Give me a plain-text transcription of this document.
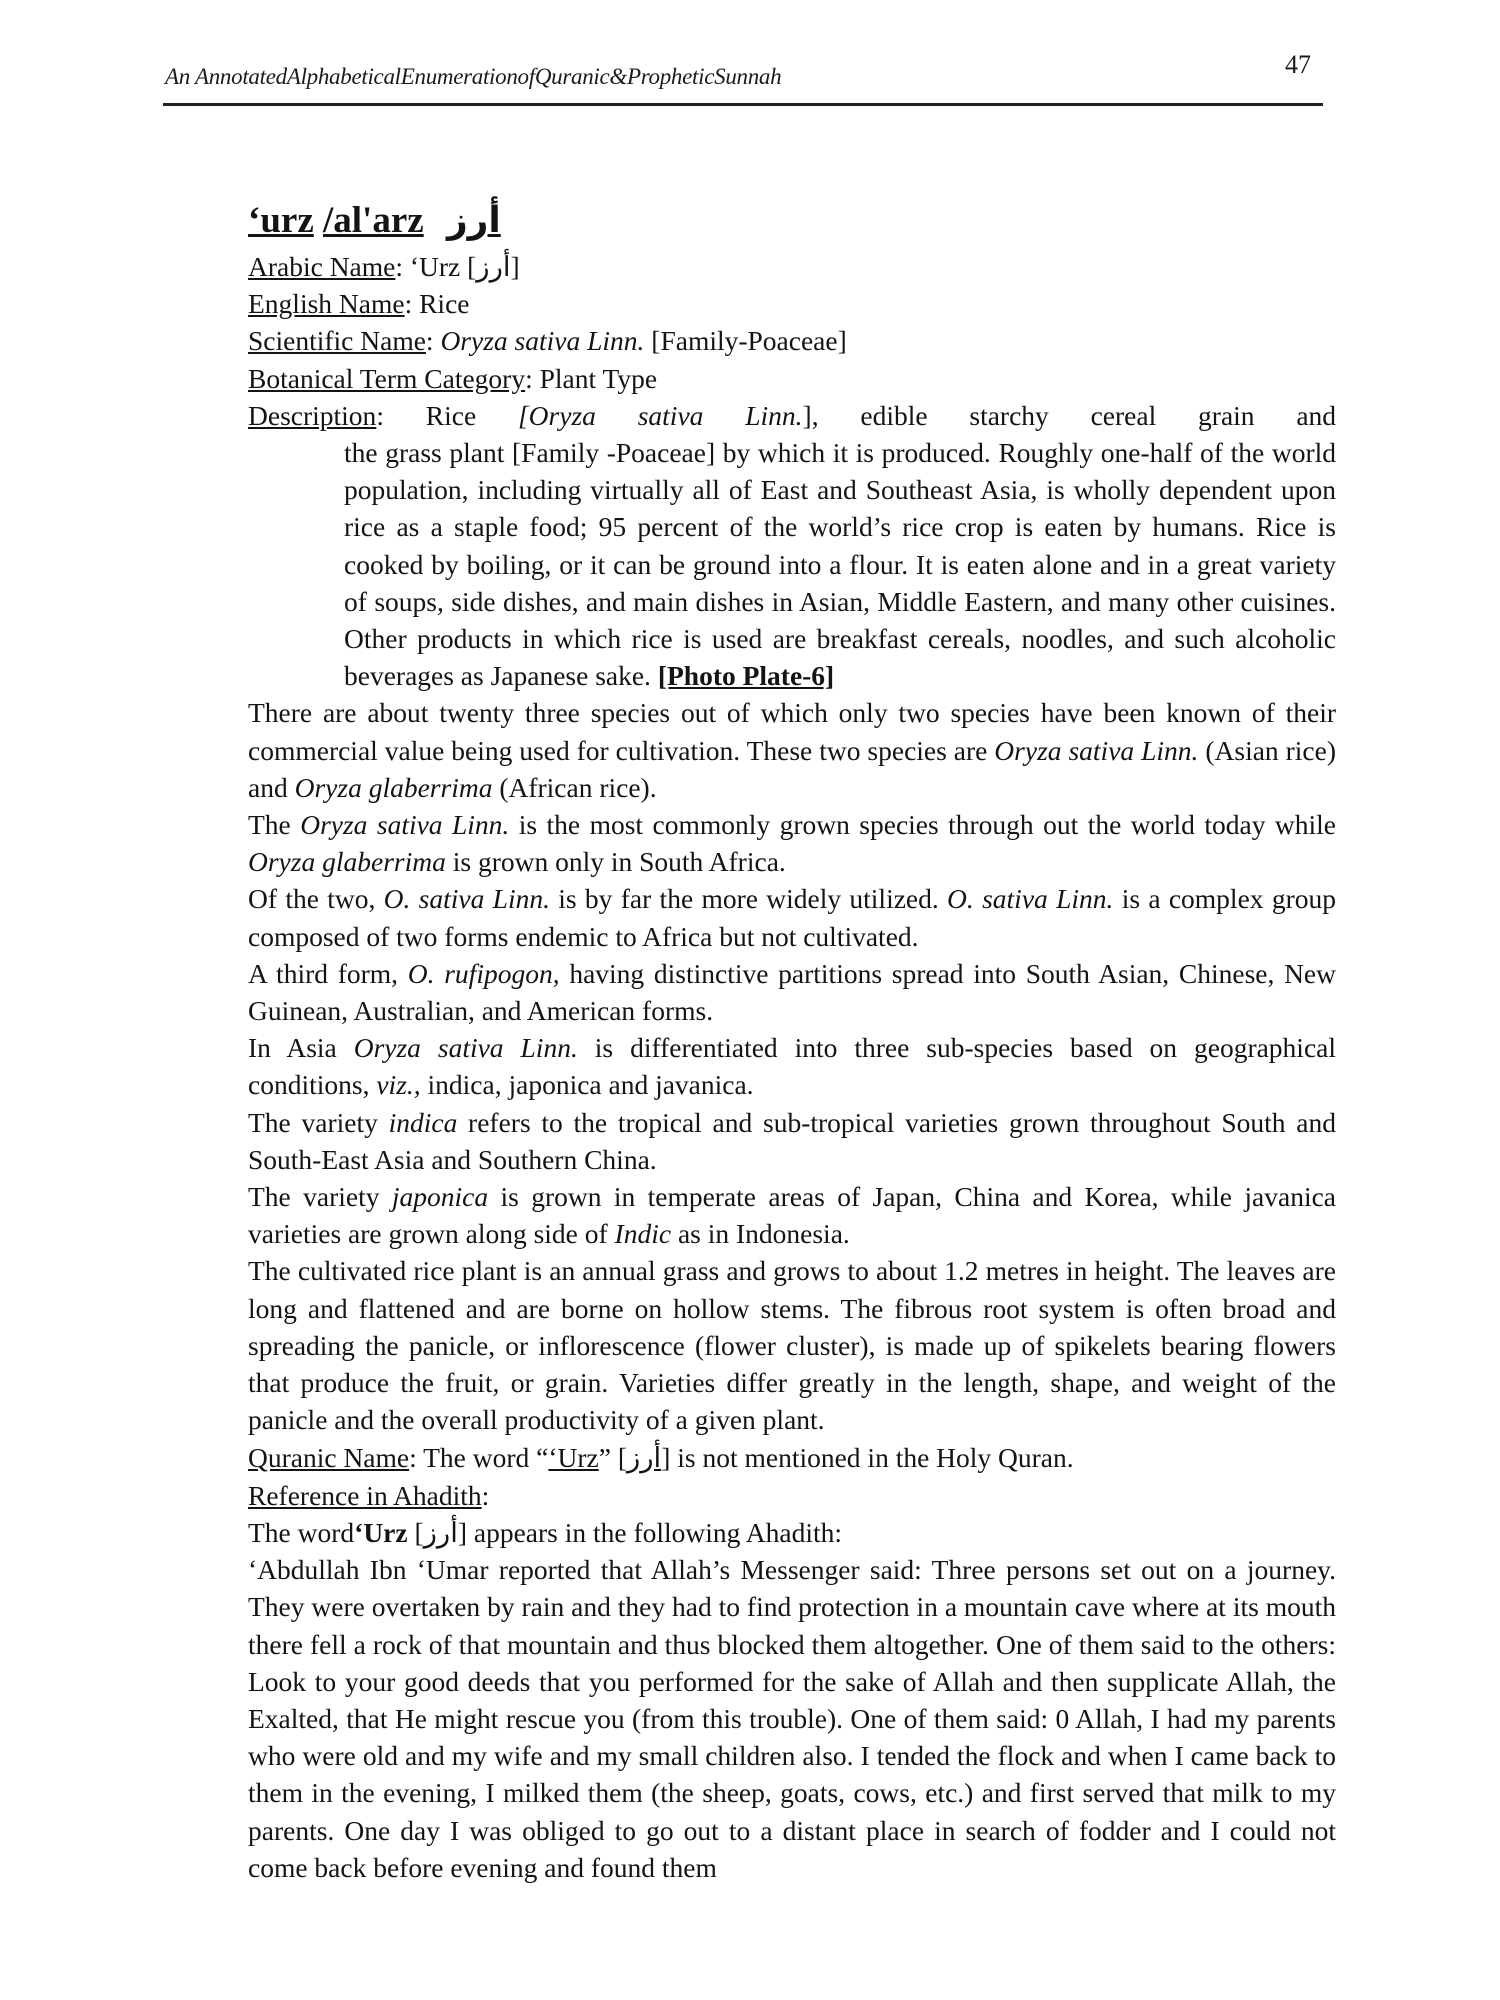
An AnnotatedAlphabeticalEnumerationofQuranic&PropheticSunnah	47
‘urz /al'arz أرز
Arabic Name: ‘Urz [أرز]
English Name: Rice
Scientific Name: Oryza sativa Linn. [Family-Poaceae]
Botanical Term Category: Plant Type
Description: Rice [Oryza sativa Linn.], edible starchy cereal grain and
the grass plant [Family -Poaceae] by which it is produced. Roughly one-half of the world population, including virtually all of East and Southeast Asia, is wholly dependent upon rice as a staple food; 95 percent of the world’s rice crop is eaten by humans. Rice is cooked by boiling, or it can be ground into a flour. It is eaten alone and in a great variety of soups, side dishes, and main dishes in Asian, Middle Eastern, and many other cuisines. Other products in which rice is used are breakfast cereals, noodles, and such alcoholic beverages as Japanese sake. [Photo Plate-6]
There are about twenty three species out of which only two species have been known of their commercial value being used for cultivation. These two species are Oryza sativa Linn. (Asian rice) and Oryza glaberrima (African rice).
The Oryza sativa Linn. is the most commonly grown species through out the world today while Oryza glaberrima is grown only in South Africa.
Of the two, O. sativa Linn. is by far the more widely utilized. O. sativa Linn. is a complex group composed of two forms endemic to Africa but not cultivated.
A third form, O. rufipogon, having distinctive partitions spread into South Asian, Chinese, New Guinean, Australian, and American forms.
In Asia Oryza sativa Linn. is differentiated into three sub-species based on geographical conditions, viz., indica, japonica and javanica.
The variety indica refers to the tropical and sub-tropical varieties grown throughout South and South-East Asia and Southern China.
The variety japonica is grown in temperate areas of Japan, China and Korea, while javanica varieties are grown along side of Indic as in Indonesia.
The cultivated rice plant is an annual grass and grows to about 1.2 metres in height. The leaves are long and flattened and are borne on hollow stems. The fibrous root system is often broad and spreading the panicle, or inflorescence (flower cluster), is made up of spikelets bearing flowers that produce the fruit, or grain. Varieties differ greatly in the length, shape, and weight of the panicle and the overall productivity of a given plant.
Quranic Name: The word “‘Urz” [أرز] is not mentioned in the Holy Quran.
Reference in Ahadith:
The word‘Urz [أرز] appears in the following Ahadith:
‘Abdullah Ibn ‘Umar reported that Allah’s Messenger said: Three persons set out on a journey. They were overtaken by rain and they had to find protection in a mountain cave where at its mouth there fell a rock of that mountain and thus blocked them altogether. One of them said to the others: Look to your good deeds that you performed for the sake of Allah and then supplicate Allah, the Exalted, that He might rescue you (from this trouble). One of them said: 0 Allah, I had my parents who were old and my wife and my small children also. I tended the flock and when I came back to them in the evening, I milked them (the sheep, goats, cows, etc.) and first served that milk to my parents. One day I was obliged to go out to a distant place in search of fodder and I could not come back before evening and found them
